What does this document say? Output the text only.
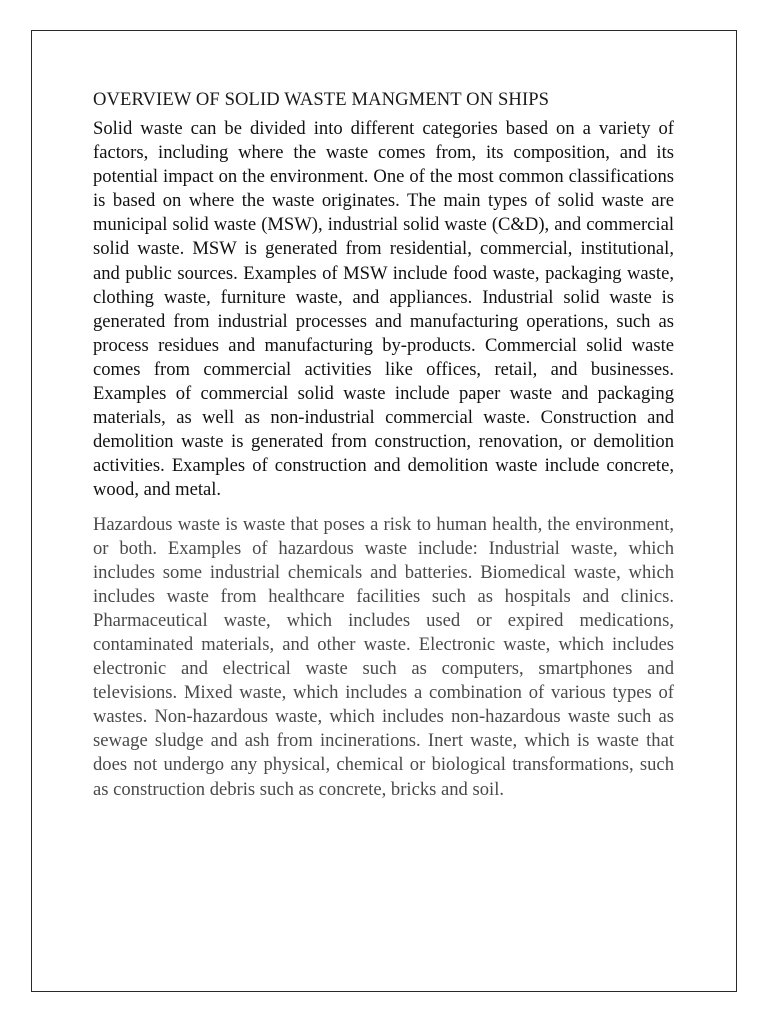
OVERVIEW OF SOLID WASTE MANGMENT ON SHIPS

Solid waste can be divided into different categories based on a variety of factors, including where the waste comes from, its composition, and its potential impact on the environment. One of the most common classifications is based on where the waste originates. The main types of solid waste are municipal solid waste (MSW), industrial solid waste (C&D), and commercial solid waste. MSW is generated from residential, commercial, institutional, and public sources. Examples of MSW include food waste, packaging waste, clothing waste, furniture waste, and appliances. Industrial solid waste is generated from industrial processes and manufacturing operations, such as process residues and manufacturing by-products. Commercial solid waste comes from commercial activities like offices, retail, and businesses. Examples of commercial solid waste include paper waste and packaging materials, as well as non-industrial commercial waste. Construction and demolition waste is generated from construction, renovation, or demolition activities. Examples of construction and demolition waste include concrete, wood, and metal.

Hazardous waste is waste that poses a risk to human health, the environment, or both. Examples of hazardous waste include: Industrial waste, which includes some industrial chemicals and batteries. Biomedical waste, which includes waste from healthcare facilities such as hospitals and clinics. Pharmaceutical waste, which includes used or expired medications, contaminated materials, and other waste. Electronic waste, which includes electronic and electrical waste such as computers, smartphones and televisions. Mixed waste, which includes a combination of various types of wastes. Non-hazardous waste, which includes non-hazardous waste such as sewage sludge and ash from incinerations. Inert waste, which is waste that does not undergo any physical, chemical or biological transformations, such as construction debris such as concrete, bricks and soil.
